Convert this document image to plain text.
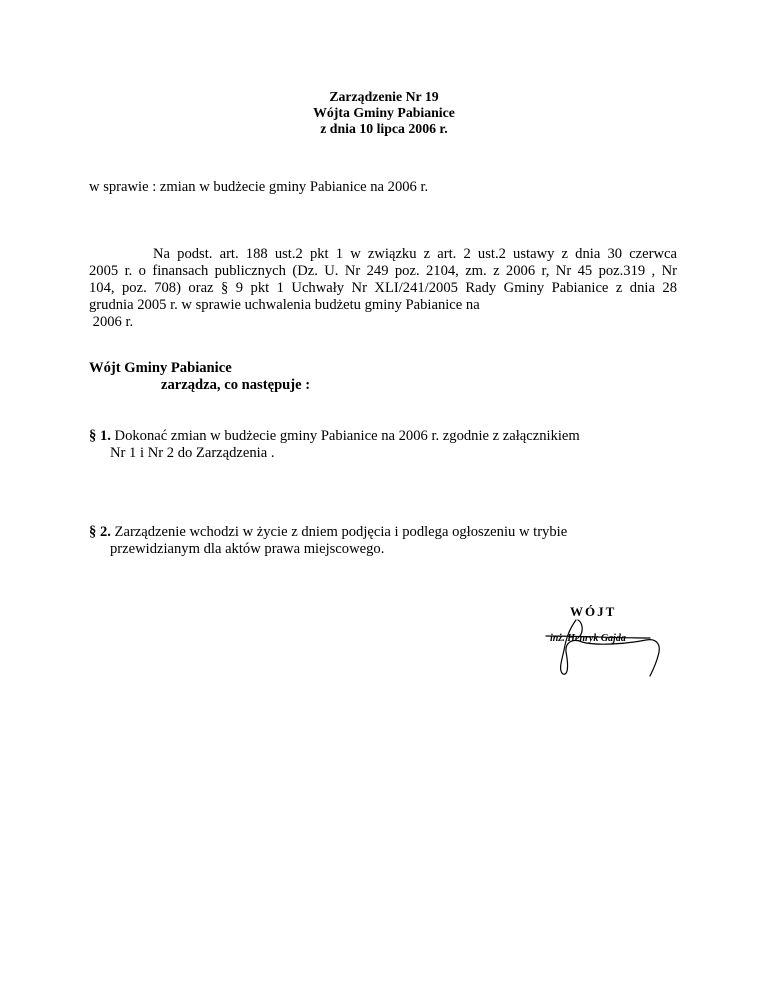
Zarządzenie Nr 19
Wójta Gminy Pabianice
z dnia 10 lipca 2006 r.
w sprawie : zmian w budżecie gminy Pabianice na 2006 r.
Na podst. art. 188 ust.2 pkt 1 w związku z art. 2 ust.2 ustawy z dnia 30 czerwca
2005 r. o finansach publicznych (Dz. U. Nr 249 poz. 2104, zm. z 2006 r, Nr 45 poz.319 , Nr
104, poz. 708) oraz § 9 pkt 1 Uchwały Nr XLI/241/2005 Rady Gminy Pabianice z dnia 28
grudnia 2005 r. w sprawie uchwalenia budżetu gminy Pabianice na
2006 r.
Wójt Gminy Pabianice
zarządza, co następuje :
§ 1. Dokonać zmian w budżecie gminy Pabianice na 2006 r. zgodnie z załącznikiem
Nr 1 i Nr 2 do Zarządzenia .
§ 2. Zarządzenie wchodzi w życie z dniem podjęcia i podlega ogłoszeniu w trybie
przewidzianym dla aktów prawa miejscowego.
WÓJT
inż. Henryk Gajda
